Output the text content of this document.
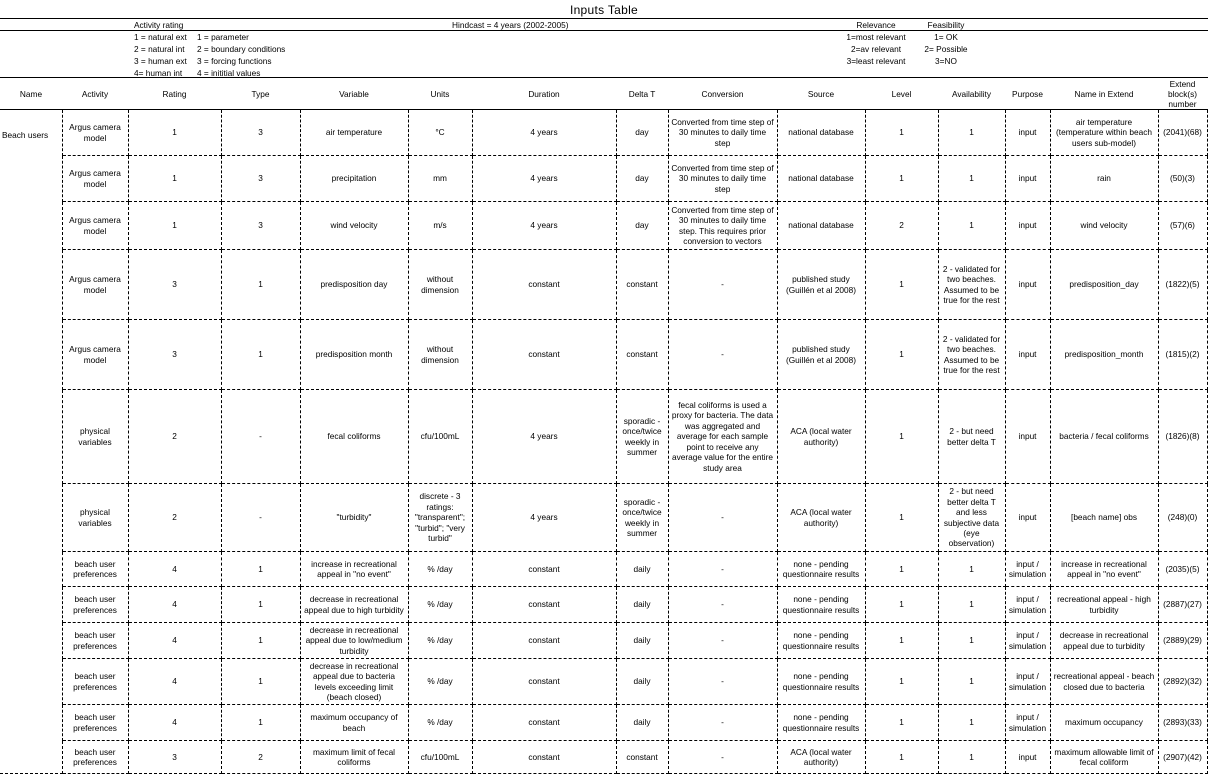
Inputs Table
Activity rating
1 = natural ext
2 = natural int
3 = human ext
4= human int
1 = parameter
2 = boundary conditions
3 = forcing functions
4 = inititial values
Hindcast = 4 years (2002-2005)	Relevance
1=most relevant
2=av relevant
3=least relevant
Feasibility
1= OK
2= Possible
3=NO
Name	Activity	Rating	Type	Variable	Units	Duration	Delta T	Conversion	Source	Level	Availability	Purpose	Name in Extend	Extend block(s) number
Beach users	Argus camera model	1	3	air temperature	°C	4 years	day	Converted from time step of 30 minutes to daily time step	national database	1	1	input	air temperature (temperature within beach users sub-model)	(2041)(68)
	Argus camera model	1	3	precipitation	mm	4 years	day	Converted from time step of 30 minutes to daily time step	national database	1	1	input	rain	(50)(3)
	Argus camera model	1	3	wind velocity	m/s	4 years	day	Converted from time step of 30 minutes to daily time step. This requires prior conversion to vectors	national database	2	1	input	wind velocity	(57)(6)
	Argus camera model	3	1	predisposition day	without dimension	constant	constant	-	published study (Guillén et al 2008)	1	2 - validated for two beaches. Assumed to be true for the rest	input	predisposition_day	(1822)(5)
	Argus camera model	3	1	predisposition month	without dimension	constant	constant	-	published study (Guillén et al 2008)	1	2 - validated for two beaches. Assumed to be true for the rest	input	predisposition_month	(1815)(2)
	physical variables	2	-	fecal coliforms	cfu/100mL	4 years	sporadic - once/twice weekly in summer	fecal coliforms is used a proxy for bacteria. The data was aggregated and average for each sample point to receive any average value for the entire study area	ACA (local water authority)	1	2 - but need better delta T	input	bacteria / fecal coliforms	(1826)(8)
	physical variables	2	-	"turbidity"	discrete - 3 ratings: "transparent"; "turbid"; "very turbid"	4 years	sporadic - once/twice weekly in summer	-	ACA (local water authority)	1	2 - but need better delta T and less subjective data (eye observation)	input	[beach name] obs	(248)(0)
	beach user preferences	4	1	increase in recreational appeal in "no event"	% /day	constant	daily	-	none - pending questionnaire results	1	1	input / simulation	increase in recreational appeal in "no event"	(2035)(5)
	beach user preferences	4	1	decrease in recreational appeal due to high turbidity	% /day	constant	daily	-	none - pending questionnaire results	1	1	input / simulation	recreational appeal - high turbidity	(2887)(27)
	beach user preferences	4	1	decrease in recreational appeal due to low/medium turbidity	% /day	constant	daily	-	none - pending questionnaire results	1	1	input / simulation	decrease in recreational appeal due to turbidity	(2889)(29)
	beach user preferences	4	1	decrease in recreational appeal due to bacteria levels exceeding limit (beach closed)	% /day	constant	daily	-	none - pending questionnaire results	1	1	input / simulation	recreational appeal - beach closed due to bacteria	(2892)(32)
	beach user preferences	4	1	maximum occupancy of beach	% /day	constant	daily	-	none - pending questionnaire results	1	1	input / simulation	maximum occupancy	(2893)(33)
	beach user preferences	3	2	maximum limit of fecal coliforms	cfu/100mL	constant	constant	-	ACA (local water authority)	1	1	input	maximum allowable limit of fecal coliform	(2907)(42)
